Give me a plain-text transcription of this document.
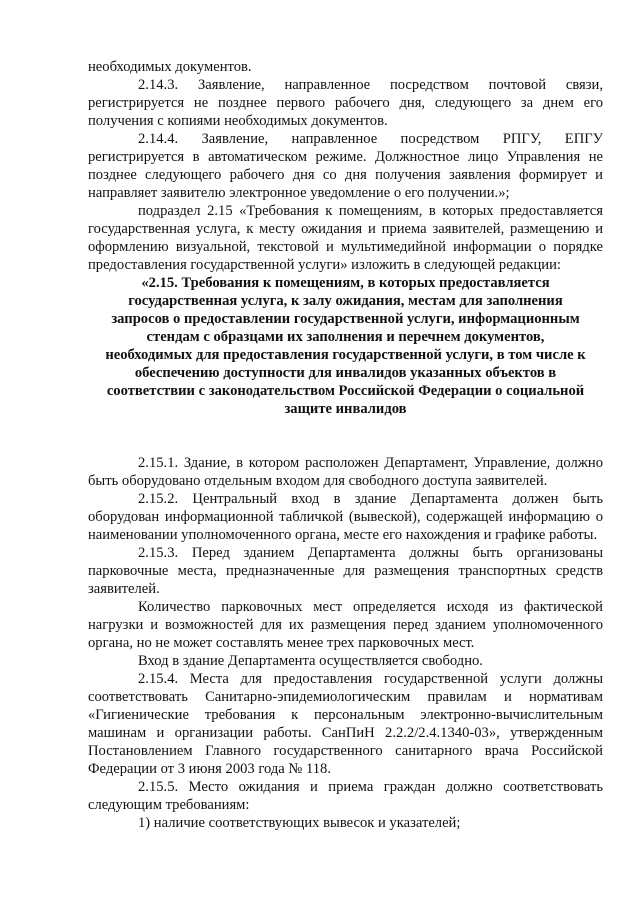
необходимых документов.

2.14.3. Заявление, направленное посредством почтовой связи, регистрируется не позднее первого рабочего дня, следующего за днем его получения с копиями необходимых документов.

2.14.4. Заявление, направленное посредством РПГУ, ЕПГУ регистрируется в автоматическом режиме. Должностное лицо Управления не позднее следующего рабочего дня со дня получения заявления формирует и направляет заявителю электронное уведомление о его получении.»;

подраздел 2.15 «Требования к помещениям, в которых предоставляется государственная услуга, к месту ожидания и приема заявителей, размещению и оформлению визуальной, текстовой и мультимедийной информации о порядке предоставления государственной услуги» изложить в следующей редакции:

«2.15. Требования к помещениям, в которых предоставляется государственная услуга, к залу ожидания, местам для заполнения запросов о предоставлении государственной услуги, информационным стендам с образцами их заполнения и перечнем документов, необходимых для предоставления государственной услуги, в том числе к обеспечению доступности для инвалидов указанных объектов в соответствии с законодательством Российской Федерации о социальной защите инвалидов

2.15.1. Здание, в котором расположен Департамент, Управление, должно быть оборудовано отдельным входом для свободного доступа заявителей.

2.15.2. Центральный вход в здание Департамента должен быть оборудован информационной табличкой (вывеской), содержащей информацию о наименовании уполномоченного органа, месте его нахождения и графике работы.

2.15.3. Перед зданием Департамента должны быть организованы парковочные места, предназначенные для размещения транспортных средств заявителей.

Количество парковочных мест определяется исходя из фактической нагрузки и возможностей для их размещения перед зданием уполномоченного органа, но не может составлять менее трех парковочных мест.

Вход в здание Департамента осуществляется свободно.

2.15.4. Места для предоставления государственной услуги должны соответствовать Санитарно-эпидемиологическим правилам и нормативам «Гигиенические требования к персональным электронно-вычислительным машинам и организации работы. СанПиН 2.2.2/2.4.1340-03», утвержденным Постановлением Главного государственного санитарного врача Российской Федерации от 3 июня 2003 года № 118.

2.15.5. Место ожидания и приема граждан должно соответствовать следующим требованиям:

1) наличие соответствующих вывесок и указателей;
